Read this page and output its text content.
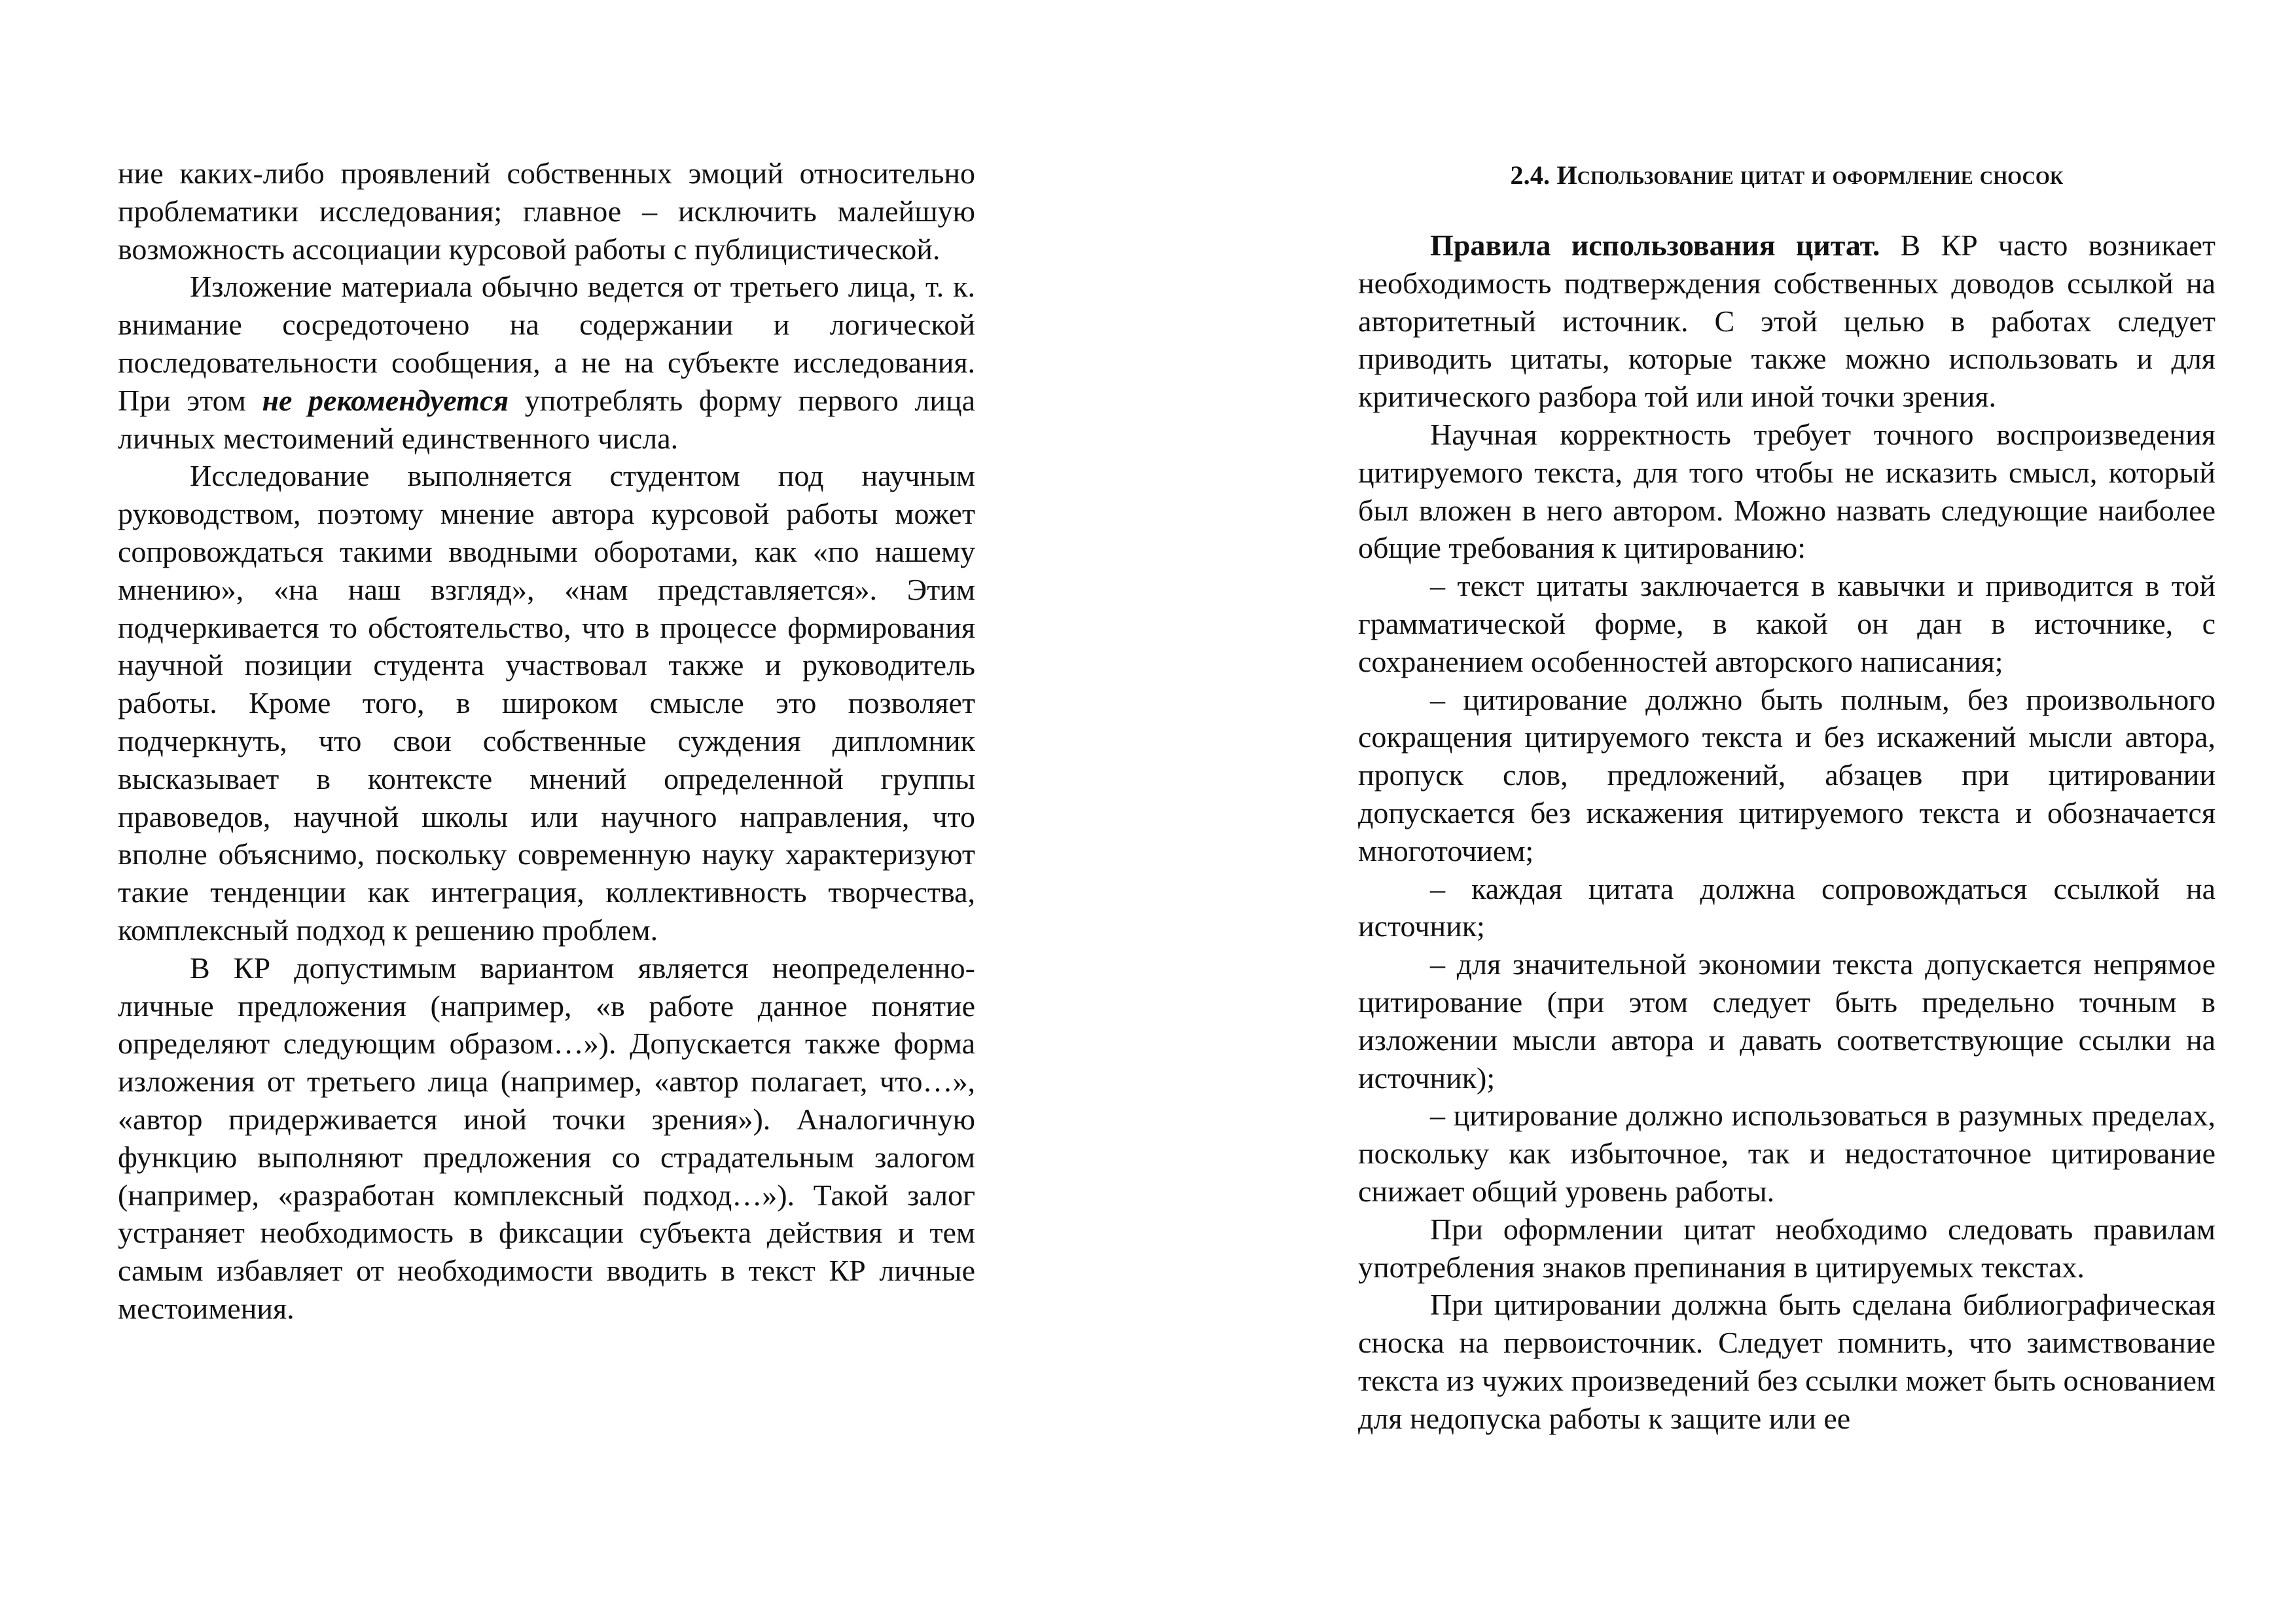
ние каких-либо проявлений собственных эмоций относительно проблематики исследования; главное – исключить малейшую возможность ассоциации курсовой работы с публицистической.

Изложение материала обычно ведется от третьего лица, т. к. внимание сосредоточено на содержании и логической последовательности сообщения, а не на субъекте исследования. При этом не рекомендуется употреблять форму первого лица личных местоимений единственного числа.

Исследование выполняется студентом под научным руководством, поэтому мнение автора курсовой работы может сопровождаться такими вводными оборотами, как «по нашему мнению», «на наш взгляд», «нам представляется». Этим подчеркивается то обстоятельство, что в процессе формирования научной позиции студента участвовал также и руководитель работы. Кроме того, в широком смысле это позволяет подчеркнуть, что свои собственные суждения дипломник высказывает в контексте мнений определенной группы правоведов, научной школы или научного направления, что вполне объяснимо, поскольку современную науку характеризуют такие тенденции как интеграция, коллективность творчества, комплексный подход к решению проблем.

В КР допустимым вариантом является неопределенно-личные предложения (например, «в работе данное понятие определяют следующим образом…»). Допускается также форма изложения от третьего лица (например, «автор полагает, что…», «автор придерживается иной точки зрения»). Аналогичную функцию выполняют предложения со страдательным залогом (например, «разработан комплексный подход…»). Такой залог устраняет необходимость в фиксации субъекта действия и тем самым избавляет от необходимости вводить в текст КР личные местоимения.

2.4. Использование цитат и оформление сносок

Правила использования цитат. В КР часто возникает необходимость подтверждения собственных доводов ссылкой на авторитетный источник. С этой целью в работах следует приводить цитаты, которые также можно использовать и для критического разбора той или иной точки зрения.

Научная корректность требует точного воспроизведения цитируемого текста, для того чтобы не исказить смысл, который был вложен в него автором. Можно назвать следующие наиболее общие требования к цитированию:

– текст цитаты заключается в кавычки и приводится в той грамматической форме, в какой он дан в источнике, с сохранением особенностей авторского написания;

– цитирование должно быть полным, без произвольного сокращения цитируемого текста и без искажений мысли автора, пропуск слов, предложений, абзацев при цитировании допускается без искажения цитируемого текста и обозначается многоточием;

– каждая цитата должна сопровождаться ссылкой на источник;

– для значительной экономии текста допускается непрямое цитирование (при этом следует быть предельно точным в изложении мысли автора и давать соответствующие ссылки на источник);

– цитирование должно использоваться в разумных пределах, поскольку как избыточное, так и недостаточное цитирование снижает общий уровень работы.

При оформлении цитат необходимо следовать правилам употребления знаков препинания в цитируемых текстах.

При цитировании должна быть сделана библиографическая сноска на первоисточник. Следует помнить, что заимствование текста из чужих произведений без ссылки может быть основанием для недопуска работы к защите или ее
